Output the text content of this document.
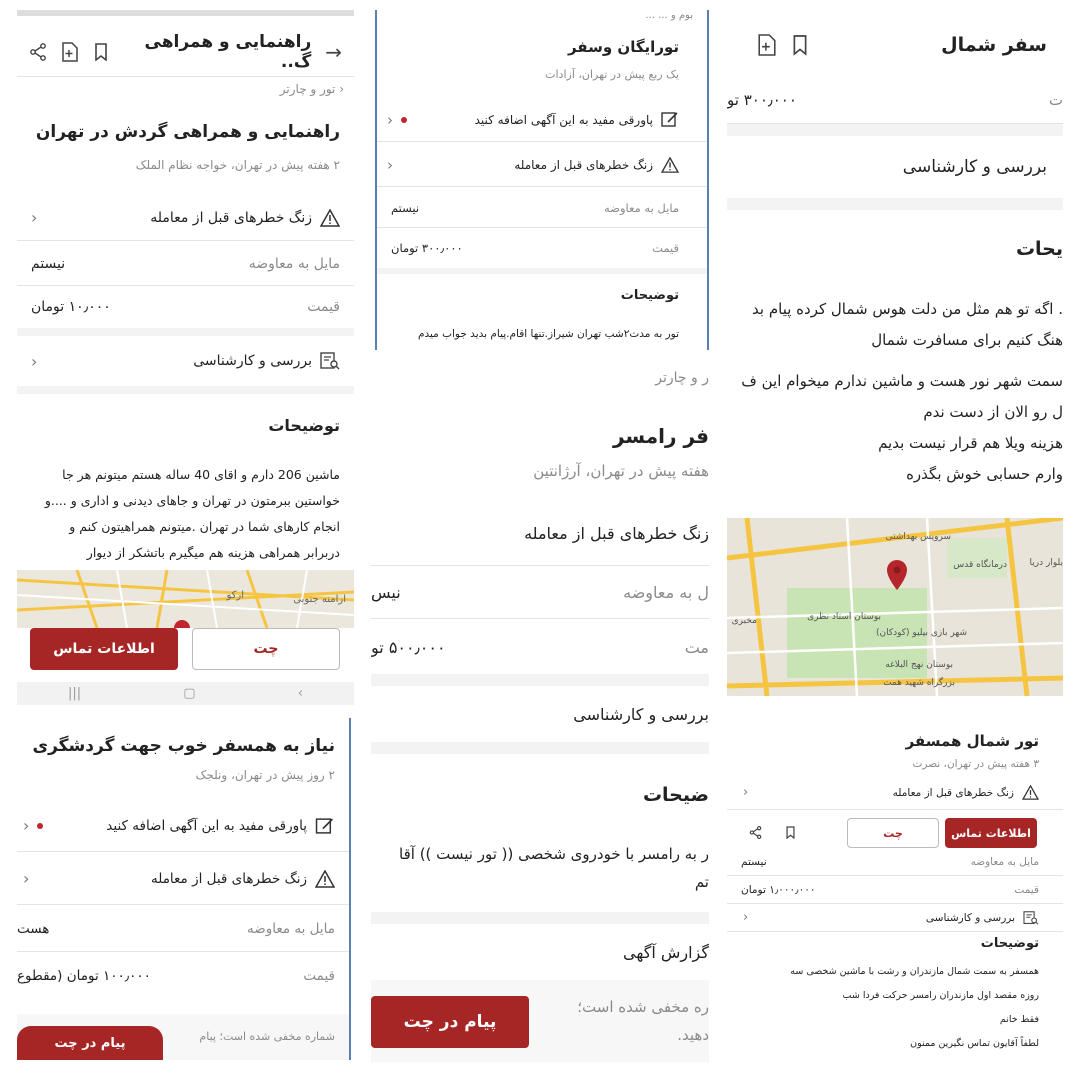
→
راهنمایی و همراهی گ..
‹ تور و چارتر
راهنمایی و همراهی گردش در تهران
۲ هفته پیش در تهران، خواجه نظام الملک
زنگ خطرهای قبل از معامله
‹
مایل به معاوضه
نیستم
قیمت
۱۰٫۰۰۰ تومان
بررسی و کارشناسی
‹
توضیحات
ماشین 206 دارم و اقای 40 ساله هستم میتونم هر جا
خواستین ببرمتون در تهران و جاهای دیدنی و اداری و ....و
انجام کارهای شما در تهران .میتونم همراهیتون کنم و
دربرابر همراهی هزینه هم میگیرم باتشکر از دیوار
ارامنه جنوبی
ارکو
اطلاعات تماس	چت
|||	▢	‹
بوم و ... ...
تورایگان وسفر
یک ربع پیش در تهران، آزادات
پاورقی مفید به این آگهی اضافه کنید
‹
زنگ خطرهای قبل از معامله
‹
مایل به معاوضه
نیستم
قیمت
۳۰۰٫۰۰۰ تومان
توضیحات
تور به مدت۲شب تهران شیراز.تنها اقام.پیام بدید جواب میدم
سفر شمال
ت
۳۰۰٫۰۰۰ تو
بررسی و کارشناسی
یحات
. اگه تو هم مثل من دلت هوس شمال کرده پیام بد
هنگ کنیم برای مسافرت شمال
سمت شهر نور هست و ماشین ندارم میخوام این ف
ل رو الان از دست ندم
هزینه ویلا هم قرار نیست بدیم
وارم حسابی خوش بگذره
سرویس بهداشتی
درمانگاه قدس
مخبری	بوستان استاد نظری
شهر بازی بیلیو (کودکان)
بوستان نهج البلاغه
بزرگراه شهید همت
بلوار دریا
ر و چارتر
فر رامسر
هفته پیش در تهران، آرژانتین
زنگ خطرهای قبل از معامله
ل به معاوضه
نیس
مت
۵۰۰٫۰۰۰ تو
بررسی و کارشناسی
ضیحات
ر به رامسر با خودروی شخصی (( تور نیست )) آقا
تم
گزارش آگهی
ره مخفی شده است؛
دهید.
پیام در چت
نیاز به همسفر خوب جهت گردشگری
۲ روز پیش در تهران، ونلجک
پاورقی مفید به این آگهی اضافه کنید
‹
زنگ خطرهای قبل از معامله
‹
مایل به معاوضه
هست
قیمت
۱۰۰٫۰۰۰ تومان (مقطوع
شماره مخفی شده است؛ پیام
پیام در چت
تور شمال همسفر
۳ هفته پیش در تهران، نصرت
زنگ خطرهای قبل از معامله
‹
اطلاعات تماس
چت
مایل به معاوضه
نیستم
قیمت
۱٫۰۰۰٫۰۰۰ تومان
بررسی و کارشناسی
‹
توضیحات
همسفر به سمت شمال مازندران و رشت با ماشین شخصی سه
روزه مقصد اول مازندران رامسر حرکت فردا شب
فقط خانم
لطفاً آقایون تماس نگیرین ممنون
